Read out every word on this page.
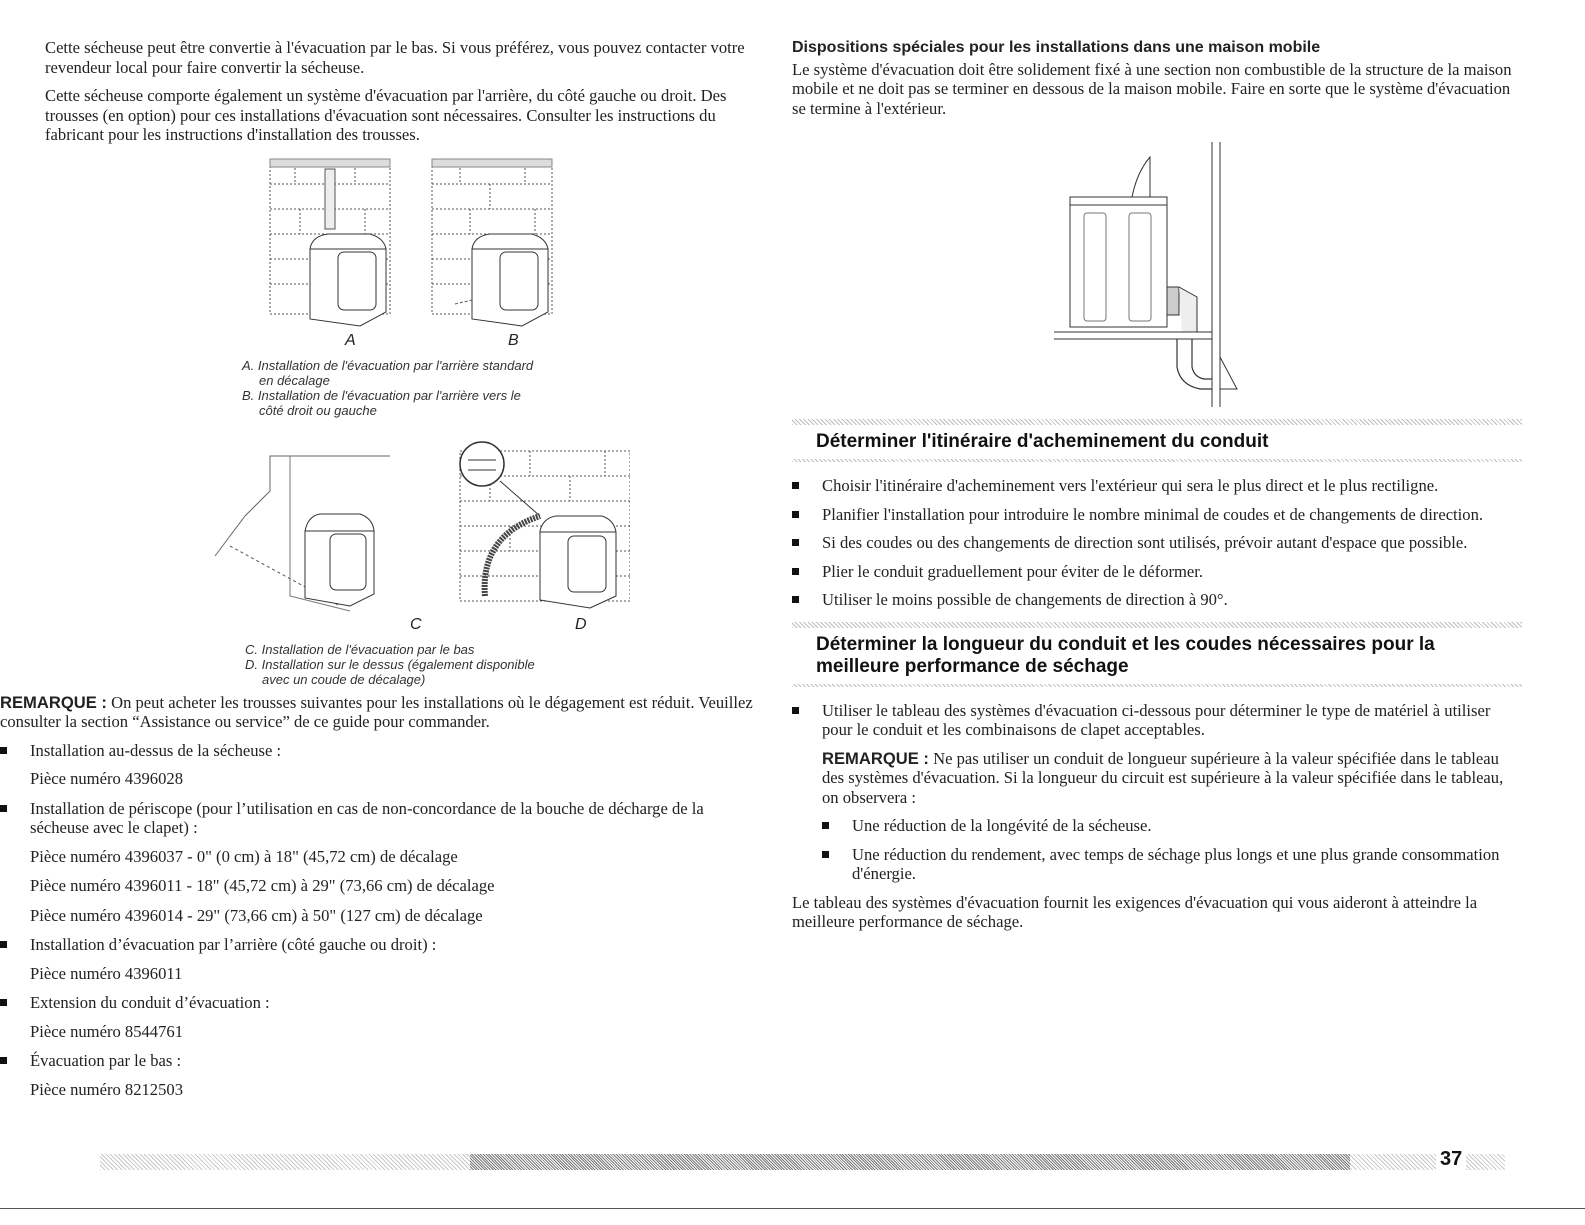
Cette sécheuse peut être convertie à l'évacuation par le bas. Si vous préférez, vous pouvez contacter votre revendeur local pour faire convertir la sécheuse.

Cette sécheuse comporte également un système d'évacuation par l'arrière, du côté gauche ou droit. Des trousses (en option) pour ces installations d'évacuation sont nécessaires. Consulter les instructions du fabricant pour les instructions d'installation des trousses.

A	B
A. Installation de l'évacuation par l'arrière standard
en décalage
B. Installation de l'évacuation par l'arrière vers le
côté droit ou gauche
C	D
C. Installation de l'évacuation par le bas
D. Installation sur le dessus (également disponible
avec un coude de décalage)

REMARQUE : On peut acheter les trousses suivantes pour les installations où le dégagement est réduit. Veuillez consulter la section “Assistance ou service” de ce guide pour commander.

Installation au-dessus de la sécheuse :
Pièce numéro 4396028
Installation de périscope (pour l’utilisation en cas de non-concordance de la bouche de décharge de la sécheuse avec le clapet) :
Pièce numéro 4396037 - 0" (0 cm) à 18" (45,72 cm) de décalage
Pièce numéro 4396011 - 18" (45,72 cm) à 29" (73,66 cm) de décalage
Pièce numéro 4396014 - 29" (73,66 cm) à 50" (127 cm) de décalage
Installation d’évacuation par l’arrière (côté gauche ou droit) :
Pièce numéro 4396011
Extension du conduit d’évacuation :
Pièce numéro 8544761
Évacuation par le bas :
Pièce numéro 8212503

Dispositions spéciales pour les installations dans une maison mobile

Le système d'évacuation doit être solidement fixé à une section non combustible de la structure de la maison mobile et ne doit pas se terminer en dessous de la maison mobile. Faire en sorte que le système d'évacuation se termine à l'extérieur.

Déterminer l'itinéraire d'acheminement du conduit
Choisir l'itinéraire d'acheminement vers l'extérieur qui sera le plus direct et le plus rectiligne.
Planifier l'installation pour introduire le nombre minimal de coudes et de changements de direction.
Si des coudes ou des changements de direction sont utilisés, prévoir autant d'espace que possible.
Plier le conduit graduellement pour éviter de le déformer.
Utiliser le moins possible de changements de direction à 90°.
Déterminer la longueur du conduit et les coudes nécessaires pour la meilleure performance de séchage
Utiliser le tableau des systèmes d'évacuation ci-dessous pour déterminer le type de matériel à utiliser pour le conduit et les combinaisons de clapet acceptables.

REMARQUE : Ne pas utiliser un conduit de longueur supérieure à la valeur spécifiée dans le tableau des systèmes d'évacuation. Si la longueur du circuit est supérieure à la valeur spécifiée dans le tableau, on observera :

Une réduction de la longévité de la sécheuse.
Une réduction du rendement, avec temps de séchage plus longs et une plus grande consommation d'énergie.

Le tableau des systèmes d'évacuation fournit les exigences d'évacuation qui vous aideront à atteindre la meilleure performance de séchage.

37
